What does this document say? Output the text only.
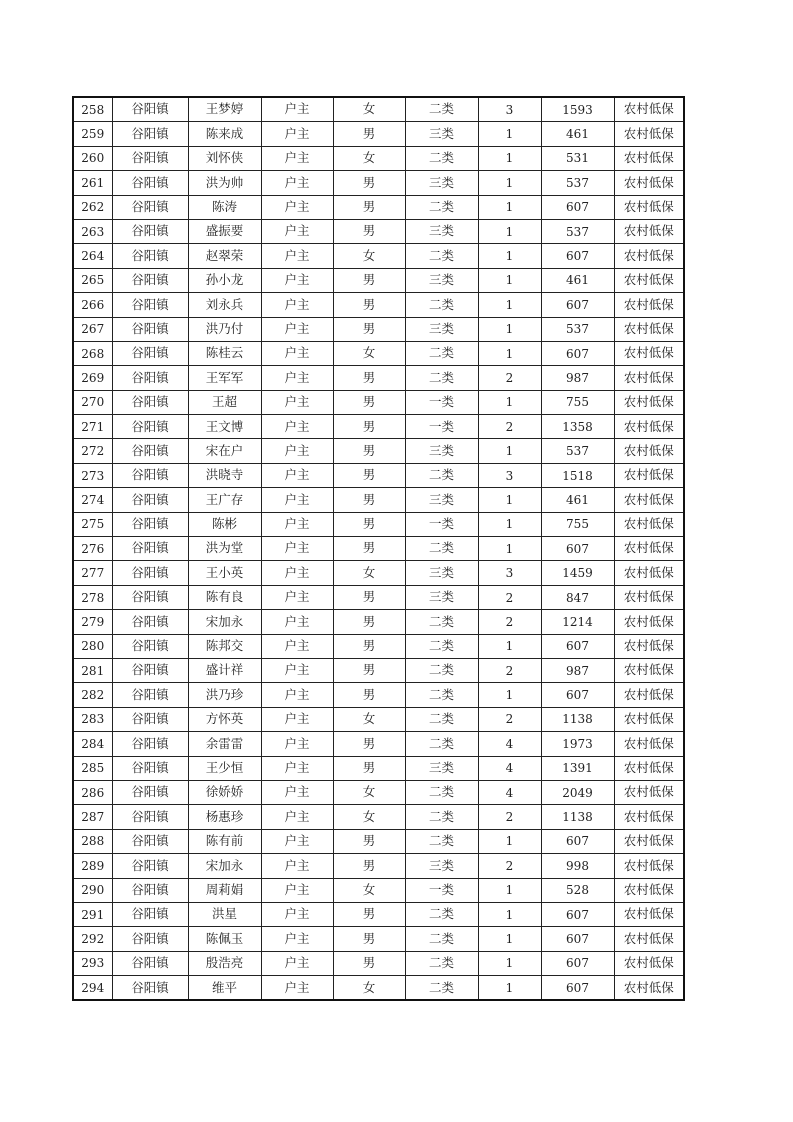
258	谷阳镇	王梦婷	户主	女	二类	3	1593	农村低保
259	谷阳镇	陈来成	户主	男	三类	1	461	农村低保
260	谷阳镇	刘怀侠	户主	女	二类	1	531	农村低保
261	谷阳镇	洪为帅	户主	男	三类	1	537	农村低保
262	谷阳镇	陈涛	户主	男	二类	1	607	农村低保
263	谷阳镇	盛振要	户主	男	三类	1	537	农村低保
264	谷阳镇	赵翠荣	户主	女	二类	1	607	农村低保
265	谷阳镇	孙小龙	户主	男	三类	1	461	农村低保
266	谷阳镇	刘永兵	户主	男	二类	1	607	农村低保
267	谷阳镇	洪乃付	户主	男	三类	1	537	农村低保
268	谷阳镇	陈桂云	户主	女	二类	1	607	农村低保
269	谷阳镇	王军军	户主	男	二类	2	987	农村低保
270	谷阳镇	王超	户主	男	一类	1	755	农村低保
271	谷阳镇	王文博	户主	男	一类	2	1358	农村低保
272	谷阳镇	宋在户	户主	男	三类	1	537	农村低保
273	谷阳镇	洪晓寺	户主	男	二类	3	1518	农村低保
274	谷阳镇	王广存	户主	男	三类	1	461	农村低保
275	谷阳镇	陈彬	户主	男	一类	1	755	农村低保
276	谷阳镇	洪为堂	户主	男	二类	1	607	农村低保
277	谷阳镇	王小英	户主	女	三类	3	1459	农村低保
278	谷阳镇	陈有良	户主	男	三类	2	847	农村低保
279	谷阳镇	宋加永	户主	男	二类	2	1214	农村低保
280	谷阳镇	陈邦交	户主	男	二类	1	607	农村低保
281	谷阳镇	盛计祥	户主	男	二类	2	987	农村低保
282	谷阳镇	洪乃珍	户主	男	二类	1	607	农村低保
283	谷阳镇	方怀英	户主	女	二类	2	1138	农村低保
284	谷阳镇	余雷雷	户主	男	二类	4	1973	农村低保
285	谷阳镇	王少恒	户主	男	三类	4	1391	农村低保
286	谷阳镇	徐娇娇	户主	女	二类	4	2049	农村低保
287	谷阳镇	杨惠珍	户主	女	二类	2	1138	农村低保
288	谷阳镇	陈有前	户主	男	二类	1	607	农村低保
289	谷阳镇	宋加永	户主	男	三类	2	998	农村低保
290	谷阳镇	周莉娟	户主	女	一类	1	528	农村低保
291	谷阳镇	洪星	户主	男	二类	1	607	农村低保
292	谷阳镇	陈佩玉	户主	男	二类	1	607	农村低保
293	谷阳镇	殷浩亮	户主	男	二类	1	607	农村低保
294	谷阳镇	维平	户主	女	二类	1	607	农村低保
